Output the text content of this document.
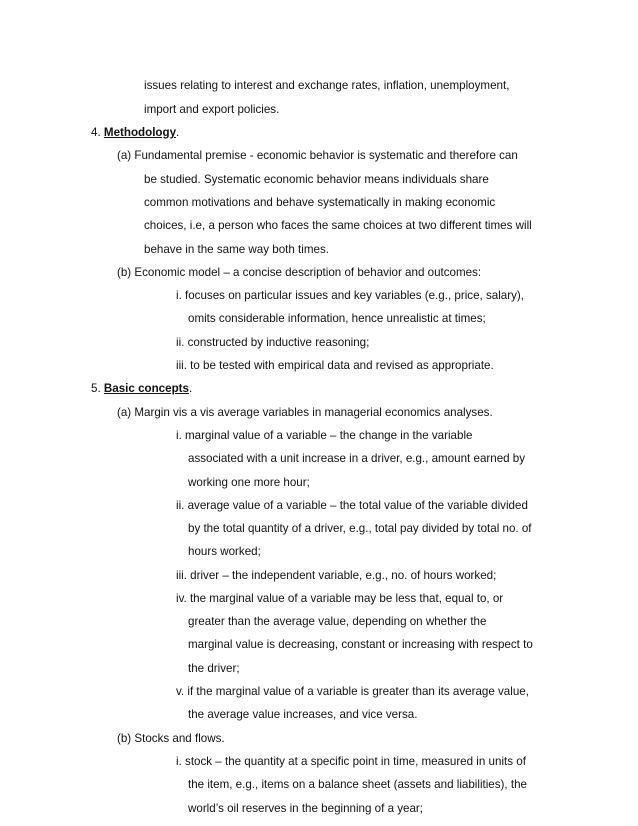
issues relating to interest and exchange rates, inflation, unemployment,
import and export policies.
4. Methodology.
(a) Fundamental premise - economic behavior is systematic and therefore can
be studied. Systematic economic behavior means individuals share
common motivations and behave systematically in making economic
choices, i.e, a person who faces the same choices at two different times will
behave in the same way both times.
(b) Economic model – a concise description of behavior and outcomes:
i. focuses on particular issues and key variables (e.g., price, salary),
omits considerable information, hence unrealistic at times;
ii. constructed by inductive reasoning;
iii. to be tested with empirical data and revised as appropriate.
5. Basic concepts.
(a) Margin vis a vis average variables in managerial economics analyses.
i. marginal value of a variable – the change in the variable
associated with a unit increase in a driver, e.g., amount earned by
working one more hour;
ii. average value of a variable – the total value of the variable divided
by the total quantity of a driver, e.g., total pay divided by total no. of
hours worked;
iii. driver – the independent variable, e.g., no. of hours worked;
iv. the marginal value of a variable may be less that, equal to, or
greater than the average value, depending on whether the
marginal value is decreasing, constant or increasing with respect to
the driver;
v. if the marginal value of a variable is greater than its average value,
the average value increases, and vice versa.
(b) Stocks and flows.
i. stock – the quantity at a specific point in time, measured in units of
the item, e.g., items on a balance sheet (assets and liabilities), the
world’s oil reserves in the beginning of a year;
